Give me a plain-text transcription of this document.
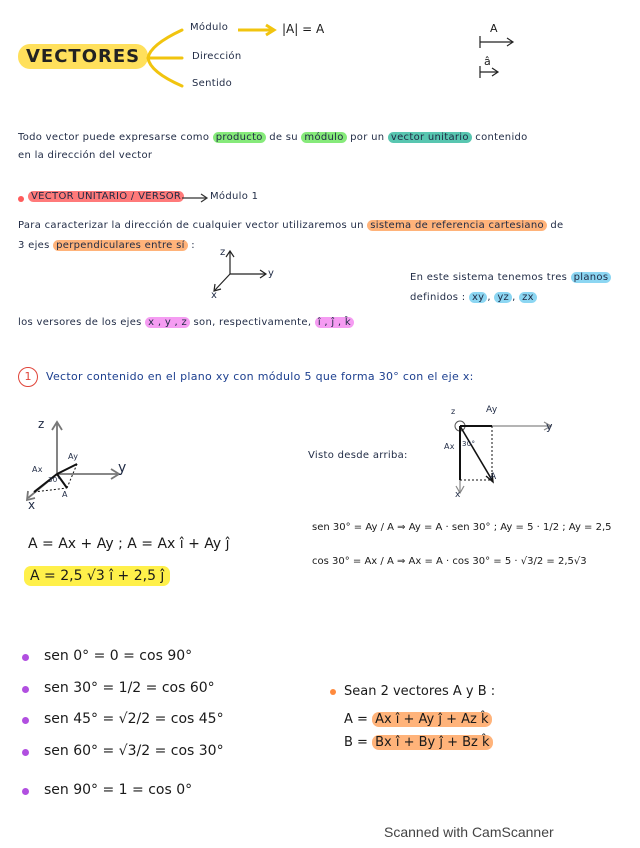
VECTORES
Módulo
Dirección
Sentido
|A| = A	A
â
Todo vector puede expresarse como producto de su módulo por un vector unitario contenido
en la dirección del vector
VECTOR UNITARIO / VERSOR	Módulo 1
Para caracterizar la dirección de cualquier vector utilizaremos un sistema de referencia cartesiano de
3 ejes perpendiculares entre sí :
z
y
x
En este sistema tenemos tres planos
definidos : xy , yz , zx
los versores de los ejes x , y , z son, respectivamente, î , ĵ , k̂
1	Vector contenido en el plano xy con módulo 5 que forma 30° con el eje x:
z
y
x
Ay
Ax
A
30°
Visto desde arriba:
z	Ay
y
Ax 30°
A
x
A = Ax + Ay ; A = Ax î + Ay ĵ
A = 2,5 √3 î + 2,5 ĵ
sen 30° = Ay / A ⇒ Ay = A · sen 30° ; Ay = 5 · 1/2 ; Ay = 2,5
cos 30° = Ax / A ⇒ Ax = A · cos 30° = 5 · √3/2 = 2,5√3
sen 0° = 0 = cos 90°
sen 30° = 1/2 = cos 60°
sen 45° = √2/2 = cos 45°
sen 60° = √3/2 = cos 30°
sen 90° = 1 = cos 0°
Sean 2 vectores A y B :
A = Ax î + Ay ĵ + Az k̂
B = Bx î + By ĵ + Bz k̂
Scanned with CamScanner
